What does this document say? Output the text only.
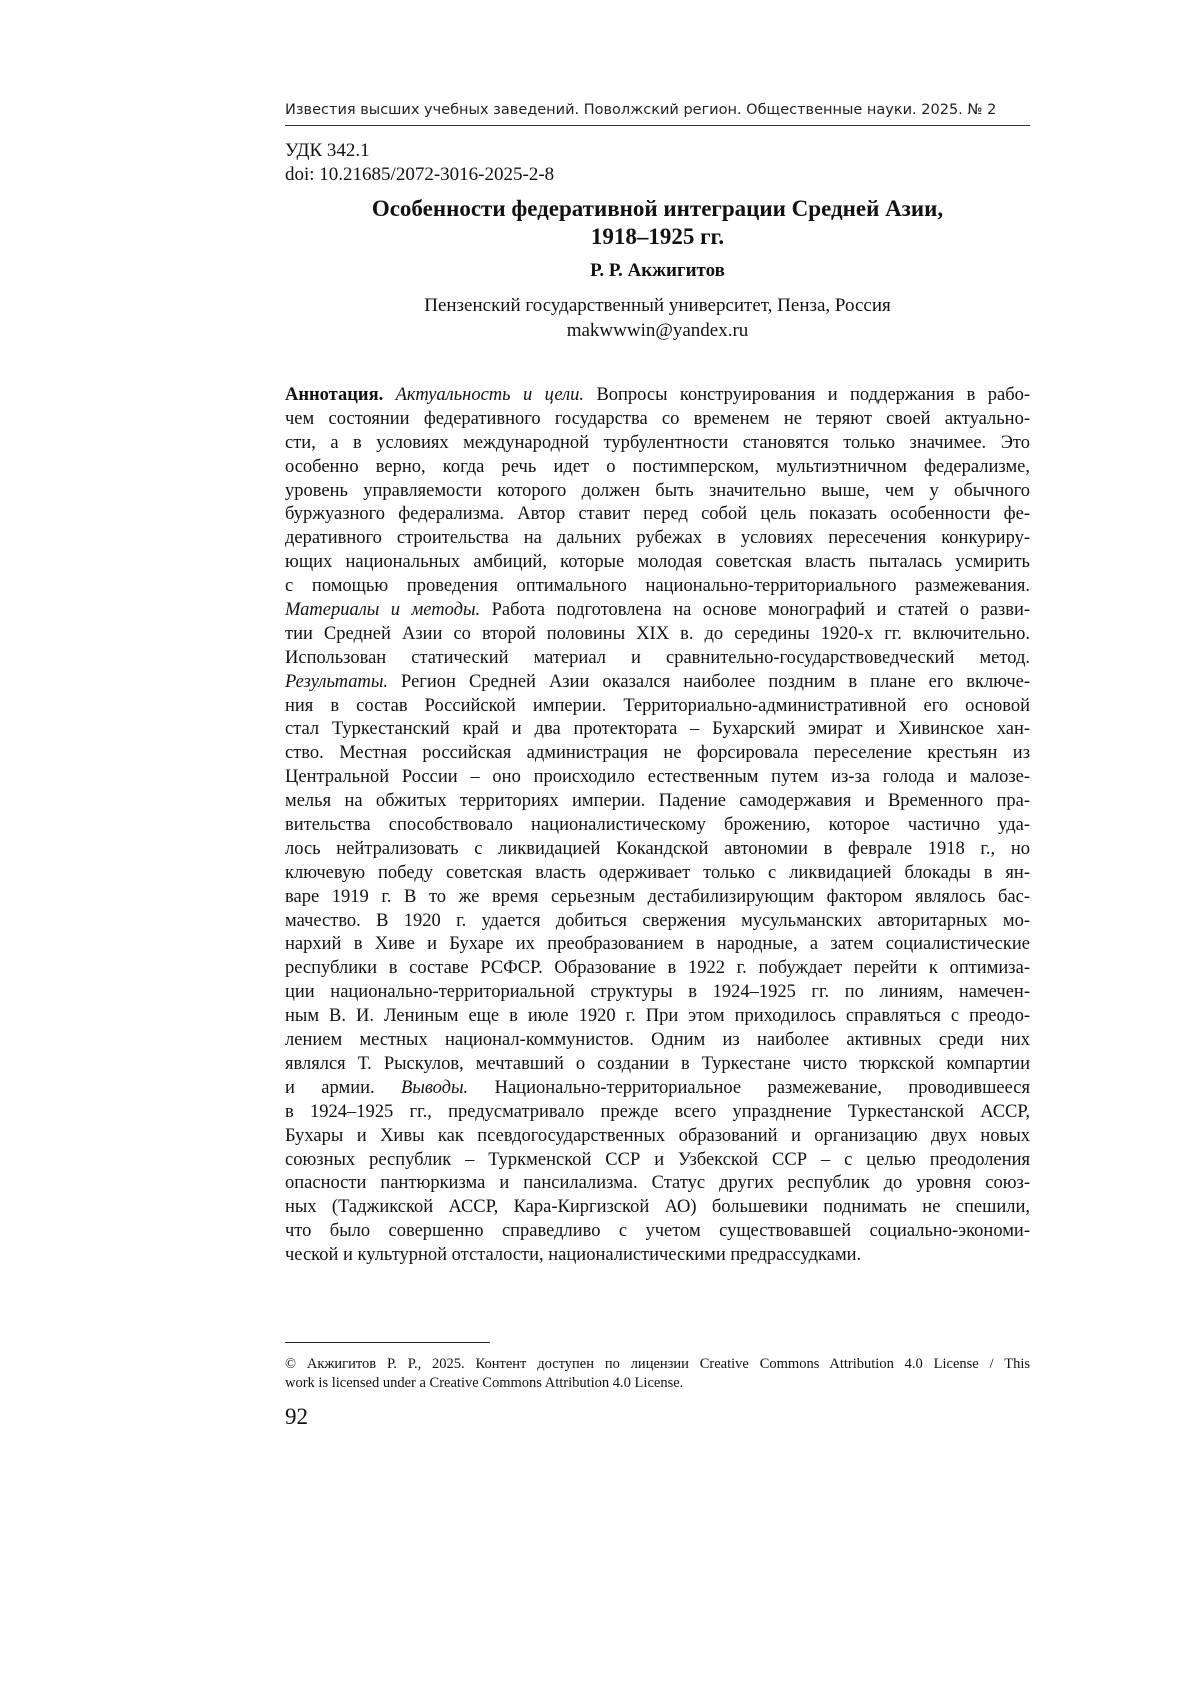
Известия высших учебных заведений. Поволжский регион. Общественные науки. 2025. № 2
УДК 342.1
doi: 10.21685/2072-3016-2025-2-8
Особенности федеративной интеграции Средней Азии,
1918–1925 гг.
Р. Р. Акжигитов
Пензенский государственный университет, Пенза, Россия
makwwwin@yandex.ru
Аннотация. Актуальность и цели. Вопросы конструирования и поддержания в рабо-
чем состоянии федеративного государства со временем не теряют своей актуально-
сти, а в условиях международной турбулентности становятся только значимее. Это
особенно верно, когда речь идет о постимперском, мультиэтничном федерализме,
уровень управляемости которого должен быть значительно выше, чем у обычного
буржуазного федерализма. Автор ставит перед собой цель показать особенности фе-
деративного строительства на дальних рубежах в условиях пересечения конкуриру-
ющих национальных амбиций, которые молодая советская власть пыталась усмирить
с помощью проведения оптимального национально-территориального размежевания.
Материалы и методы. Работа подготовлена на основе монографий и статей о разви-
тии Средней Азии со второй половины XIX в. до середины 1920-х гг. включительно.
Использован статический материал и сравнительно-государствоведческий метод.
Результаты. Регион Средней Азии оказался наиболее поздним в плане его включе-
ния в состав Российской империи. Территориально-административной его основой
стал Туркестанский край и два протектората – Бухарский эмират и Хивинское хан-
ство. Местная российская администрация не форсировала переселение крестьян из
Центральной России – оно происходило естественным путем из-за голода и малозе-
мелья на обжитых территориях империи. Падение самодержавия и Временного пра-
вительства способствовало националистическому брожению, которое частично уда-
лось нейтрализовать с ликвидацией Кокандской автономии в феврале 1918 г., но
ключевую победу советская власть одерживает только с ликвидацией блокады в ян-
варе 1919 г. В то же время серьезным дестабилизирующим фактором являлось бас-
мачество. В 1920 г. удается добиться свержения мусульманских авторитарных мо-
нархий в Хиве и Бухаре их преобразованием в народные, а затем социалистические
республики в составе РСФСР. Образование в 1922 г. побуждает перейти к оптимиза-
ции национально-территориальной структуры в 1924–1925 гг. по линиям, намечен-
ным В. И. Лениным еще в июле 1920 г. При этом приходилось справляться с преодо-
лением местных национал-коммунистов. Одним из наиболее активных среди них
являлся Т. Рыскулов, мечтавший о создании в Туркестане чисто тюркской компартии
и армии. Выводы. Национально-территориальное размежевание, проводившееся
в 1924–1925 гг., предусматривало прежде всего упразднение Туркестанской АССР,
Бухары и Хивы как псевдогосударственных образований и организацию двух новых
союзных республик – Туркменской ССР и Узбекской ССР – с целью преодоления
опасности пантюркизма и пансилализма. Статус других республик до уровня союз-
ных (Таджикской АССР, Кара-Киргизской АО) большевики поднимать не спешили,
что было совершенно справедливо с учетом существовавшей социально-экономи-
ческой и культурной отсталости, националистическими предрассудками.
© Акжигитов Р. Р., 2025. Контент доступен по лицензии Creative Commons Attribution 4.0 License / This
work is licensed under a Creative Commons Attribution 4.0 License.
92
